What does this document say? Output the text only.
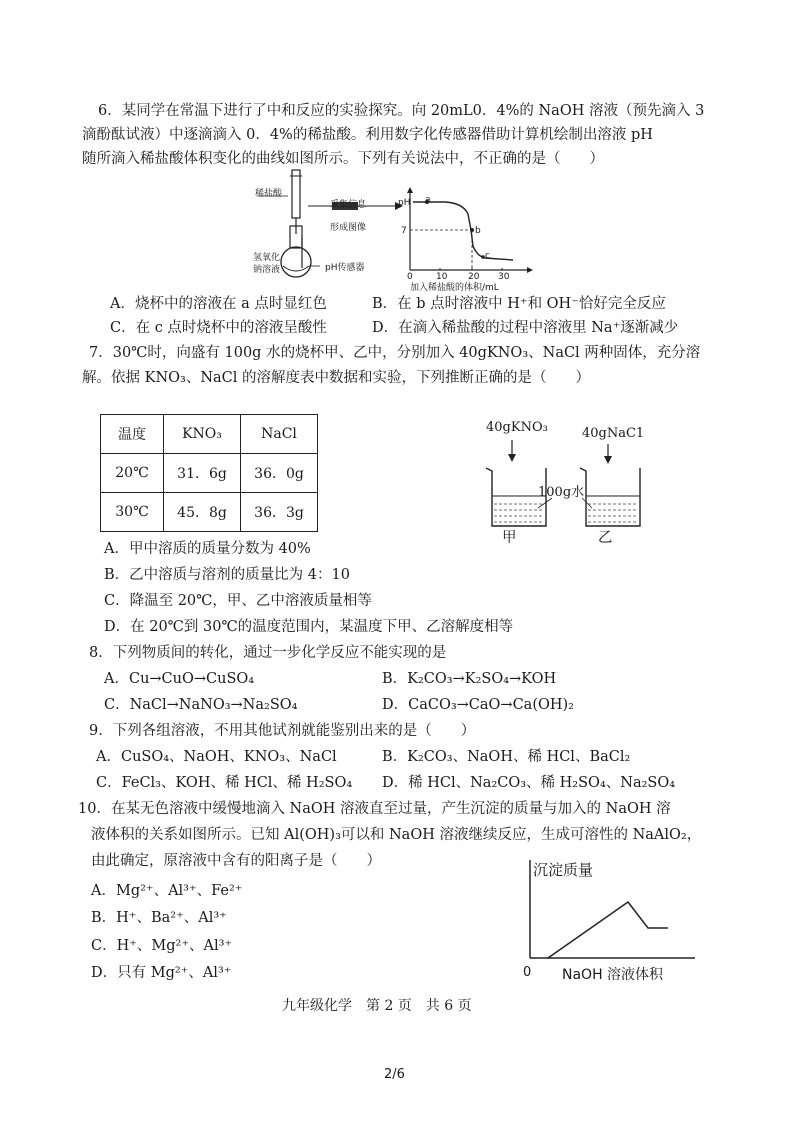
6．某同学在常温下进行了中和反应的实验探究。向 20mL0．4%的 NaOH 溶液（预先滴入 3
滴酚酞试液）中逐滴滴入 0．4%的稀盐酸。利用数字化传感器借助计算机绘制出溶液 pH
随所滴入稀盐酸体积变化的曲线如图所示。下列有关说法中，不正确的是（　　）
稀盐酸
采集信息
形成图像
氢氧化
钠溶液	pH传感器
pH
7
a
b
c
0	10 20 30
加入稀盐酸的体积/mL
A．烧杯中的溶液在 a 点时显红色	B．在 b 点时溶液中 H⁺和 OH⁻恰好完全反应
C．在 c 点时烧杯中的溶液呈酸性	D．在滴入稀盐酸的过程中溶液里 Na⁺逐渐减少
7．30℃时，向盛有 100g 水的烧杯甲、乙中，分别加入 40gKNO₃、NaCl 两种固体，充分溶
解。依据 KNO₃、NaCl 的溶解度表中数据和实验，下列推断正确的是（　　）
温度	KNO₃	NaCl
20℃	31．6g	36．0g
30℃	45．8g	36．3g
40gKNO₃	40gNaC1
100g水
甲	乙
A．甲中溶质的质量分数为 40%
B．乙中溶质与溶剂的质量比为 4：10
C．降温至 20℃，甲、乙中溶液质量相等
D．在 20℃到 30℃的温度范围内，某温度下甲、乙溶解度相等
8．下列物质间的转化，通过一步化学反应不能实现的是
A．Cu→CuO→CuSO₄	B．K₂CO₃→K₂SO₄→KOH
C．NaCl→NaNO₃→Na₂SO₄	D．CaCO₃→CaO→Ca(OH)₂
9．下列各组溶液，不用其他试剂就能鉴别出来的是（　　）
A．CuSO₄、NaOH、KNO₃、NaCl	B．K₂CO₃、NaOH、稀 HCl、BaCl₂
C．FeCl₃、KOH、稀 HCl、稀 H₂SO₄ D．稀 HCl、Na₂CO₃、稀 H₂SO₄、Na₂SO₄
10．在某无色溶液中缓慢地滴入 NaOH 溶液直至过量，产生沉淀的质量与加入的 NaOH 溶
液体积的关系如图所示。已知 Al(OH)₃可以和 NaOH 溶液继续反应，生成可溶性的 NaAlO₂，
由此确定，原溶液中含有的阳离子是（　　）
A．Mg²⁺、Al³⁺、Fe²⁺
B．H⁺、Ba²⁺、Al³⁺
C．H⁺、Mg²⁺、Al³⁺
D．只有 Mg²⁺、Al³⁺
沉淀质量
0 NaOH 溶液体积
九年级化学　第 2 页　共 6 页
2/6
